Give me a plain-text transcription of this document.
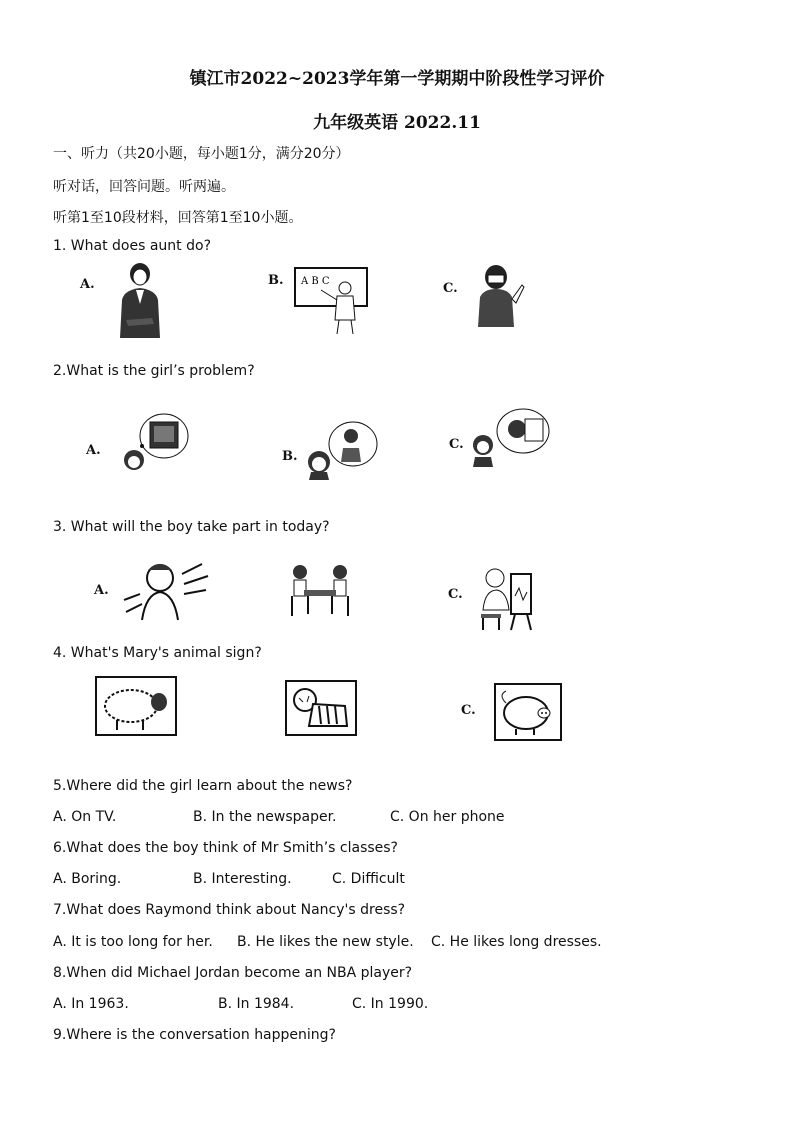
镇江市2022~2023学年第一学期期中阶段性学习评价
九年级英语 2022.11
一、听力（共20小题，每小题1分，满分20分）
听对话，回答问题。听两遍。
听第1至10段材料，回答第1至10小题。
1. What does aunt do?
A.	B. A B C	C.
2.What is the girl’s problem?
A.	B.
C.
3. What will the boy take part in today?
A.	C.
4. What's Mary's animal sign?
C.
5.Where did the girl learn about the news?
A. On TV.	B. In the newspaper.	C. On her phone
6.What does the boy think of Mr Smith’s classes?
A. Boring.	B. Interesting.	C. Difficult
7.What does Raymond think about Nancy's dress?
A. It is too long for her. B. He likes the new style. C. He likes long dresses.
8.When did Michael Jordan become an NBA player?
A. In 1963.	B. In 1984.	C. In 1990.
9.Where is the conversation happening?
